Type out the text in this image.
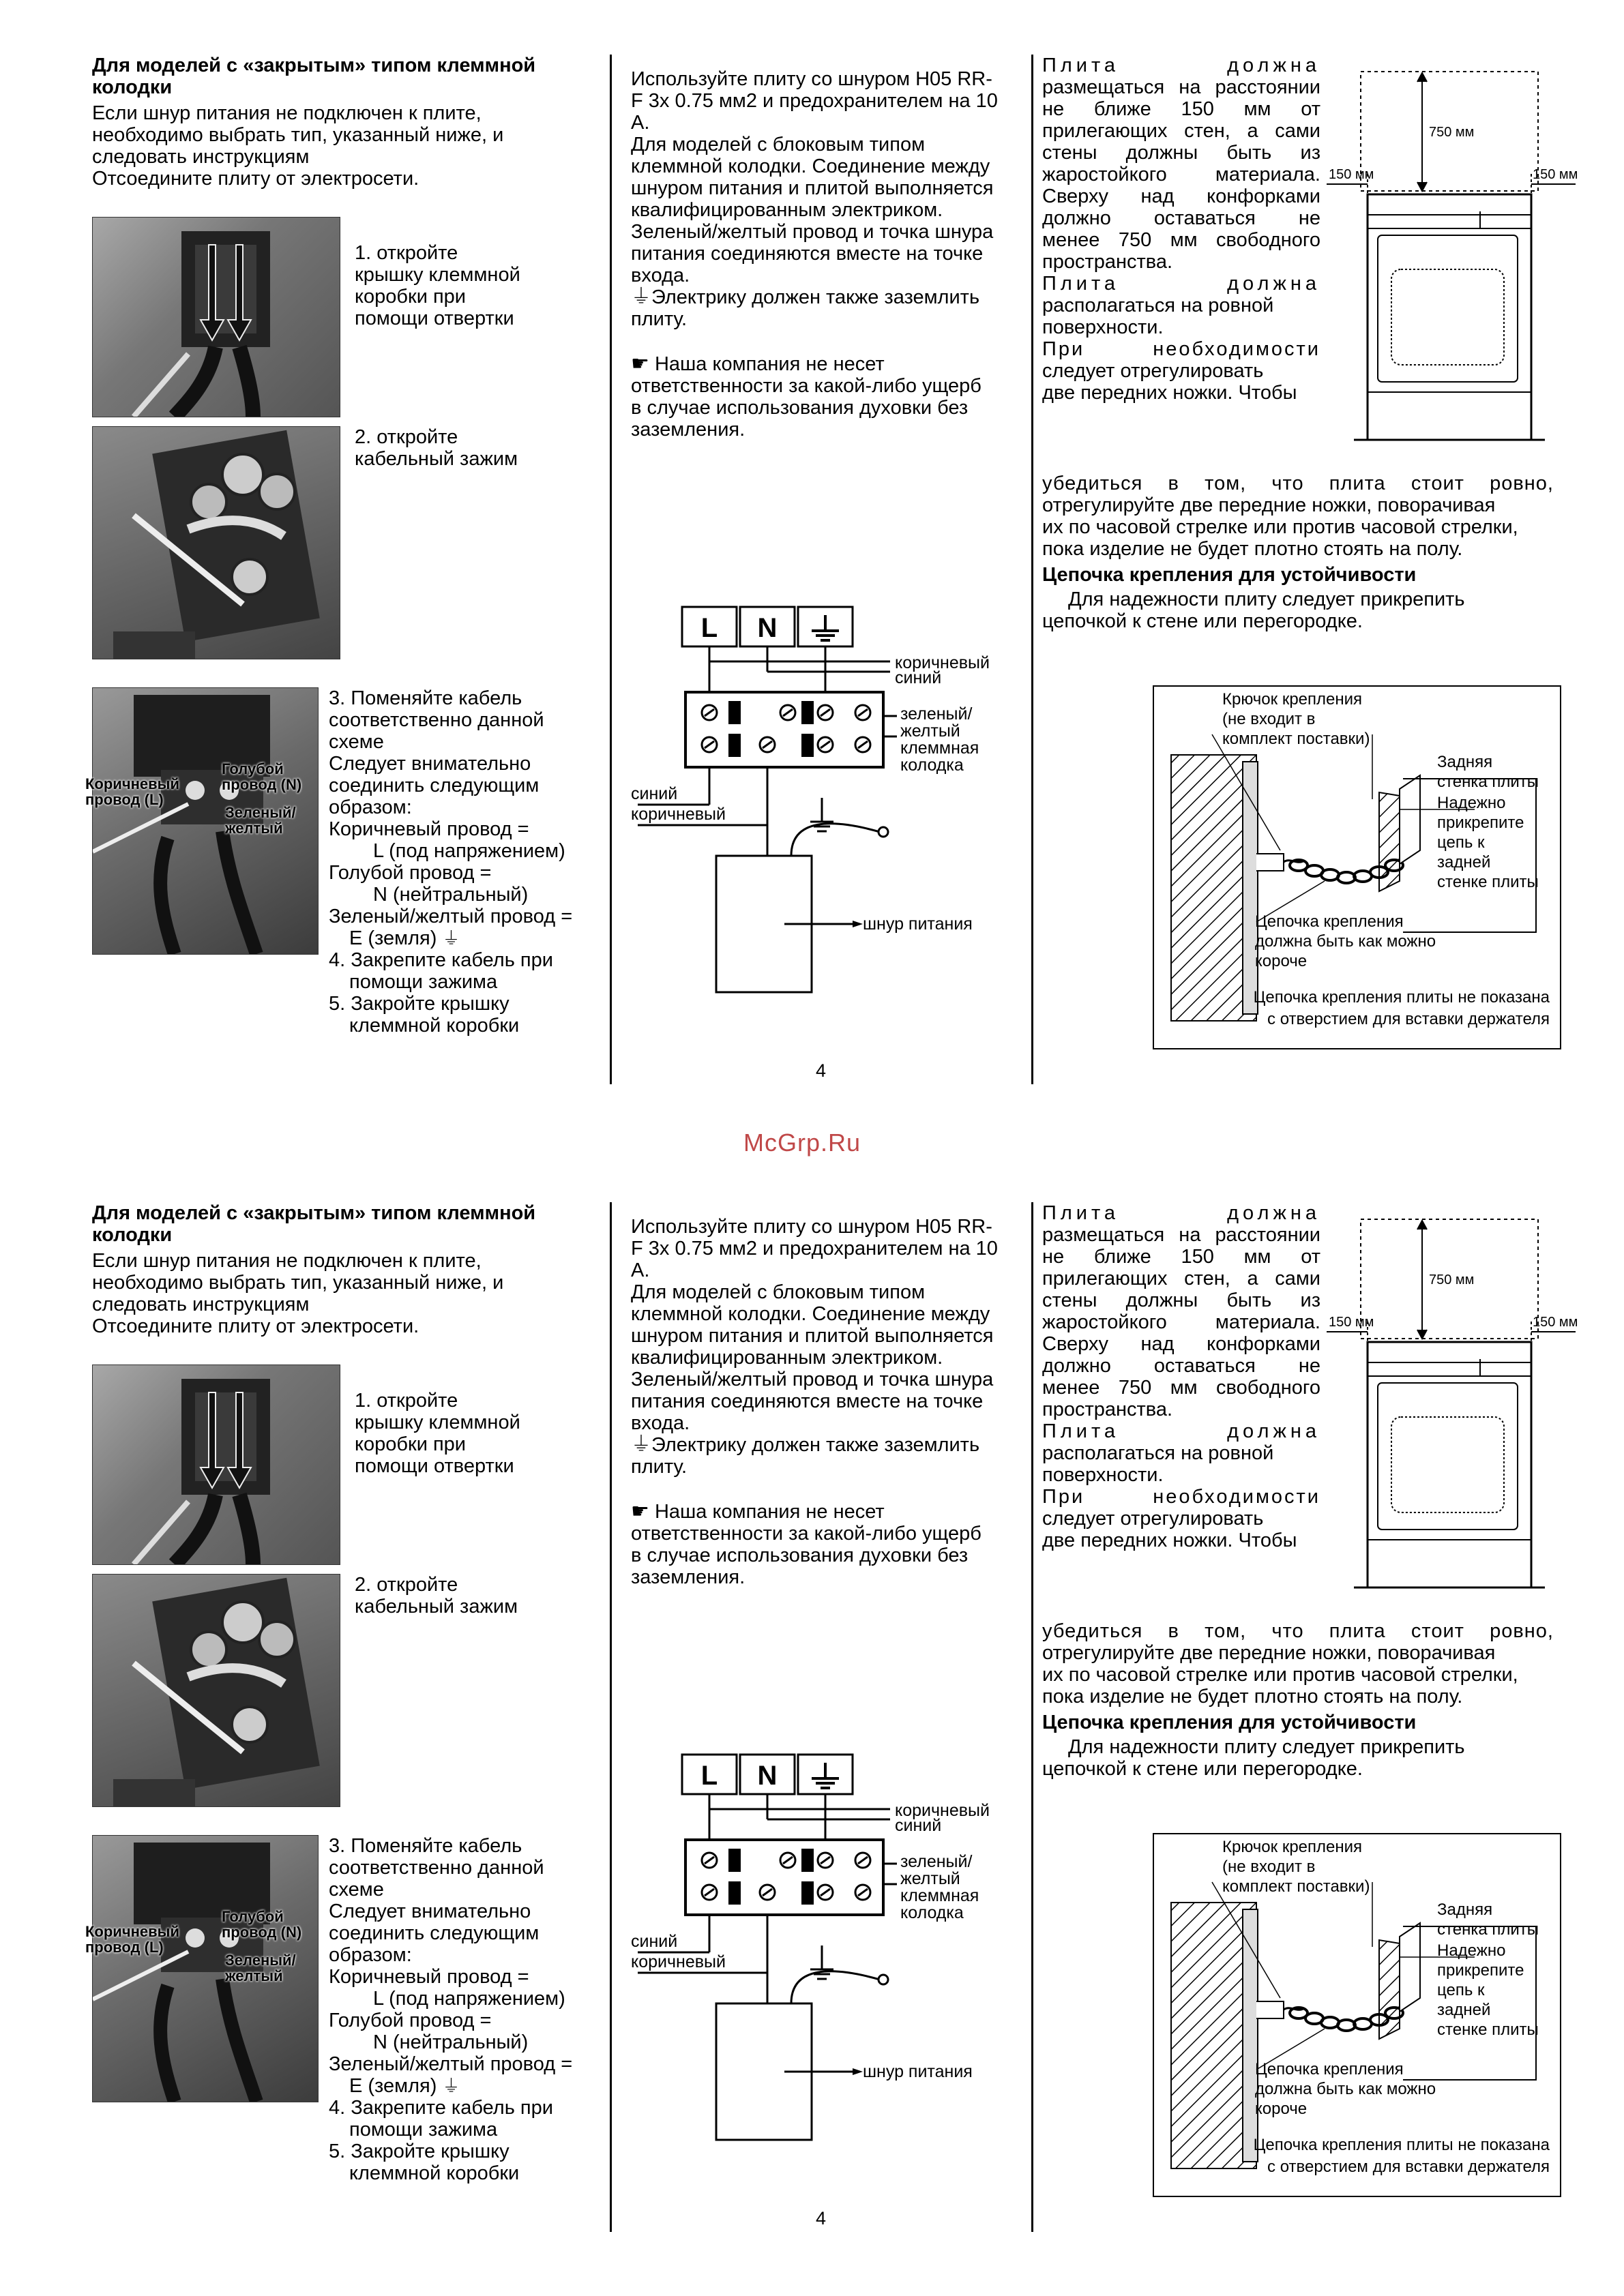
Для моделей с «закрытым» типом клеммной колодки

Если шнур питания не подключен к плите,

необходимо выбрать тип, указанный ниже, и

следовать инструкциям

Отсоедините плиту от электросети.

1. откройте

крышку клеммной

коробки при

помощи отвертки

2. откройте

кабельный зажим

Коричневый
провод (L)
Голубой
провод (N)
Зеленый/
желтый

3. Поменяйте кабель

соответственно данной

схеме

Следует внимательно

соединить следующим

образом:

Коричневый провод =

L (под напряжением)

Голубой провод =

N (нейтральный)

Зеленый/желтый провод =

E (земля) ⏚

4. Закрепите кабель при

помощи зажима

5. Закройте крышку

клеммной коробки

Используйте плиту со шнуром H05 RR-

F 3x 0.75 мм2 и предохранителем на 10

A.

Для моделей с блоковым типом

клеммной колодки. Соединение между

шнуром питания и плитой выполняется

квалифицированным электриком.

Зеленый/желтый провод и точка шнура

питания соединяются вместе на точке

входа.

⏚Электрику должен также заземлить

плиту.

☛ Наша компания не несет

ответственности за какой-либо ущерб

в случае использования духовки без

заземления.

L N
коричневый
синий
зеленый/
желтый
клеммная
колодка
синий
коричневый
шнур питания
4

Плита должна

размещаться на расстоянии

не ближе 150 мм от

прилегающих стен, а сами

стены должны быть из

жаростойкого материала.

Сверху над конфорками

должно оставаться не

менее 750 мм свободного

пространства.

Плита должна

располагаться на ровной

поверхности.

При необходимости

следует отрегулировать

две передних ножки. Чтобы

750 мм
150 мм	150 мм

убедиться в том, что плита стоит ровно,

отрегулируйте две передние ножки, поворачивая

их по часовой стрелке или против часовой стрелки,

пока изделие не будет плотно стоять на полу.

Цепочка крепления для устойчивости

Для надежности плиту следует прикрепить

цепочкой к стене или перегородке.

Крючок крепления
(не входит в
комплект поставки)
Задняя
стенка плиты
Надежно
прикрепите
цепь к
задней
стенке плиты
Цепочка крепления
должна быть как можно
короче
Цепочка крепления плиты не показана
с отверстием для вставки держателя

Для моделей с «закрытым» типом клеммной колодки

Если шнур питания не подключен к плите,

необходимо выбрать тип, указанный ниже, и

следовать инструкциям

Отсоедините плиту от электросети.

1. откройте

крышку клеммной

коробки при

помощи отвертки

2. откройте

кабельный зажим

Коричневый
провод (L)
Голубой
провод (N)
Зеленый/
желтый

3. Поменяйте кабель

соответственно данной

схеме

Следует внимательно

соединить следующим

образом:

Коричневый провод =

L (под напряжением)

Голубой провод =

N (нейтральный)

Зеленый/желтый провод =

E (земля) ⏚

4. Закрепите кабель при

помощи зажима

5. Закройте крышку

клеммной коробки

Используйте плиту со шнуром H05 RR-

F 3x 0.75 мм2 и предохранителем на 10

A.

Для моделей с блоковым типом

клеммной колодки. Соединение между

шнуром питания и плитой выполняется

квалифицированным электриком.

Зеленый/желтый провод и точка шнура

питания соединяются вместе на точке

входа.

⏚Электрику должен также заземлить

плиту.

☛ Наша компания не несет

ответственности за какой-либо ущерб

в случае использования духовки без

заземления.

L N
коричневый
синий
зеленый/
желтый
клеммная
колодка
синий
коричневый
шнур питания
4

Плита должна

размещаться на расстоянии

не ближе 150 мм от

прилегающих стен, а сами

стены должны быть из

жаростойкого материала.

Сверху над конфорками

должно оставаться не

менее 750 мм свободного

пространства.

Плита должна

располагаться на ровной

поверхности.

При необходимости

следует отрегулировать

две передних ножки. Чтобы

750 мм
150 мм	150 мм

убедиться в том, что плита стоит ровно,

отрегулируйте две передние ножки, поворачивая

их по часовой стрелке или против часовой стрелки,

пока изделие не будет плотно стоять на полу.

Цепочка крепления для устойчивости

Для надежности плиту следует прикрепить

цепочкой к стене или перегородке.

Крючок крепления
(не входит в
комплект поставки)
Задняя
стенка плиты
Надежно
прикрепите
цепь к
задней
стенке плиты
Цепочка крепления
должна быть как можно
короче
Цепочка крепления плиты не показана
с отверстием для вставки держателя
McGrp.Ru
